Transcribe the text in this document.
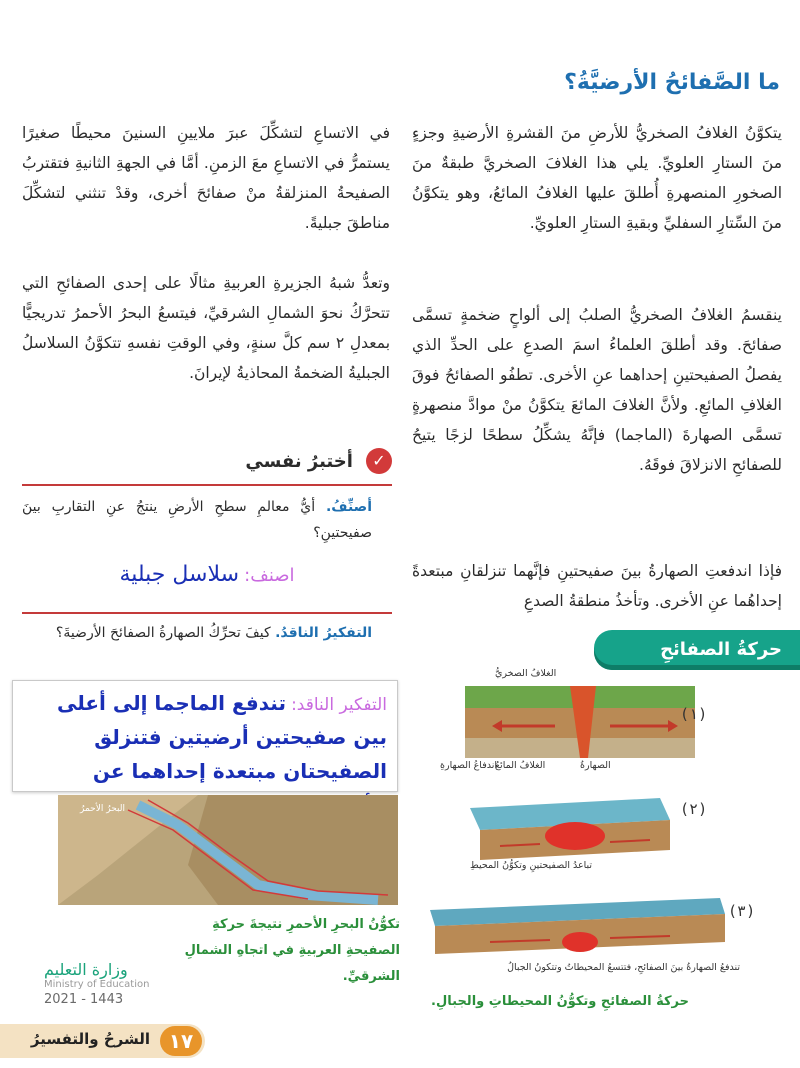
ما الصَّفائحُ الأرضيَّةُ؟
يتكوَّنُ الغلافُ الصخريُّ للأرضِ منَ القشرةِ الأرضيةِ وجزءٍ منَ الستارِ العلويِّ. يلي هذا الغلافَ الصخريَّ طبقةٌ منَ الصخورِ المنصهرةِ أُطلقَ عليها الغلافُ المائعُ، وهو يتكوَّنُ منَ السِّتارِ السفليِّ وبقيةِ الستارِ العلويِّ.
ينقسمُ الغلافُ الصخريُّ الصلبُ إلى ألواحٍ ضخمةٍ تسمَّى صفائحَ. وقد أطلقَ العلماءُ اسمَ الصدعِ على الحدِّ الذي يفصلُ الصفيحتينِ إحداهما عنِ الأخرى. تطفُو الصفائحُ فوقَ الغلافِ المائعِ. ولأنَّ الغلافَ المائعَ يتكوَّنُ منْ موادَّ منصهرةٍ تسمَّى الصهارةَ (الماجما) فإنَّهُ يشكِّلُ سطحًا لزجًا يتيحُ للصفائحِ الانزلاقَ فوقَهُ.
فإذا اندفعتِ الصهارةُ بينَ صفيحتينِ فإنَّهما تنزلقانِ مبتعدةً إحداهُما عنِ الأخرى. وتأخذُ منطقةُ الصدعِ
حركةُ الصفائحِ
الغلافُ الصخريُّ
(١)
الغلافُ المائعُ	الصهارةُ
اندفاعُ الصهارةِ
(٢)
تباعدُ الصفيحتينِ وتكوُّنُ المحيطِ
(٣)
تندفعُ الصهارةُ بينَ الصفائحِ، فتتسعُ المحيطاتُ وتتكونُ الجبالُ
حركةُ الصفائحِ وتكوُّنُ المحيطاتِ والجبالِ.
في الاتساعِ لتشكِّلَ عبرَ ملايينِ السنينَ محيطًا صغيرًا يستمرُّ في الاتساعِ معَ الزمنِ. أمَّا في الجهةِ الثانيةِ فتقتربُ الصفيحةُ المنزلقةُ منْ صفائحَ أخرى، وقدْ تنثني لتشكِّلَ مناطقَ جبليةً.
وتعدُّ شبهُ الجزيرةِ العربيةِ مثالًا على إحدى الصفائحِ التي تتحرَّكُ نحوَ الشمالِ الشرقيِّ، فيتسعُ البحرُ الأحمرُ تدريجيًّا بمعدلِ ٢ سم كلَّ سنةٍ، وفي الوقتِ نفسهِ تتكوَّنُ السلاسلُ الجبليةُ الضخمةُ المحاذيةُ لإيرانَ.
✓ أختبرُ نفسي
أصنِّفُ. أيُّ معالمِ سطحِ الأرضِ ينتجُ عنِ التقاربِ بينَ صفيحتينِ؟
اصنف: سلاسل جبلية
التفكيرُ الناقدُ. كيفَ تحرِّكُ الصهارةُ الصفائحَ الأرضيةَ؟
التفكير الناقد: تندفع الماجما إلى أعلى بين صفيحتين أرضيتين فتنزلق الصفيحتان مبتعدة إحداهما عن
البحرُ الأحمرُ
تكوُّنُ البحرِ الأحمرِ نتيجةَ حركةِ الصفيحةِ العربيةِ في اتجاهِ الشمالِ الشرقيِّ.
وزارة التعليم
Ministry of Education
2021 - 1443
١٧
الشرحُ والتفسيرُ
